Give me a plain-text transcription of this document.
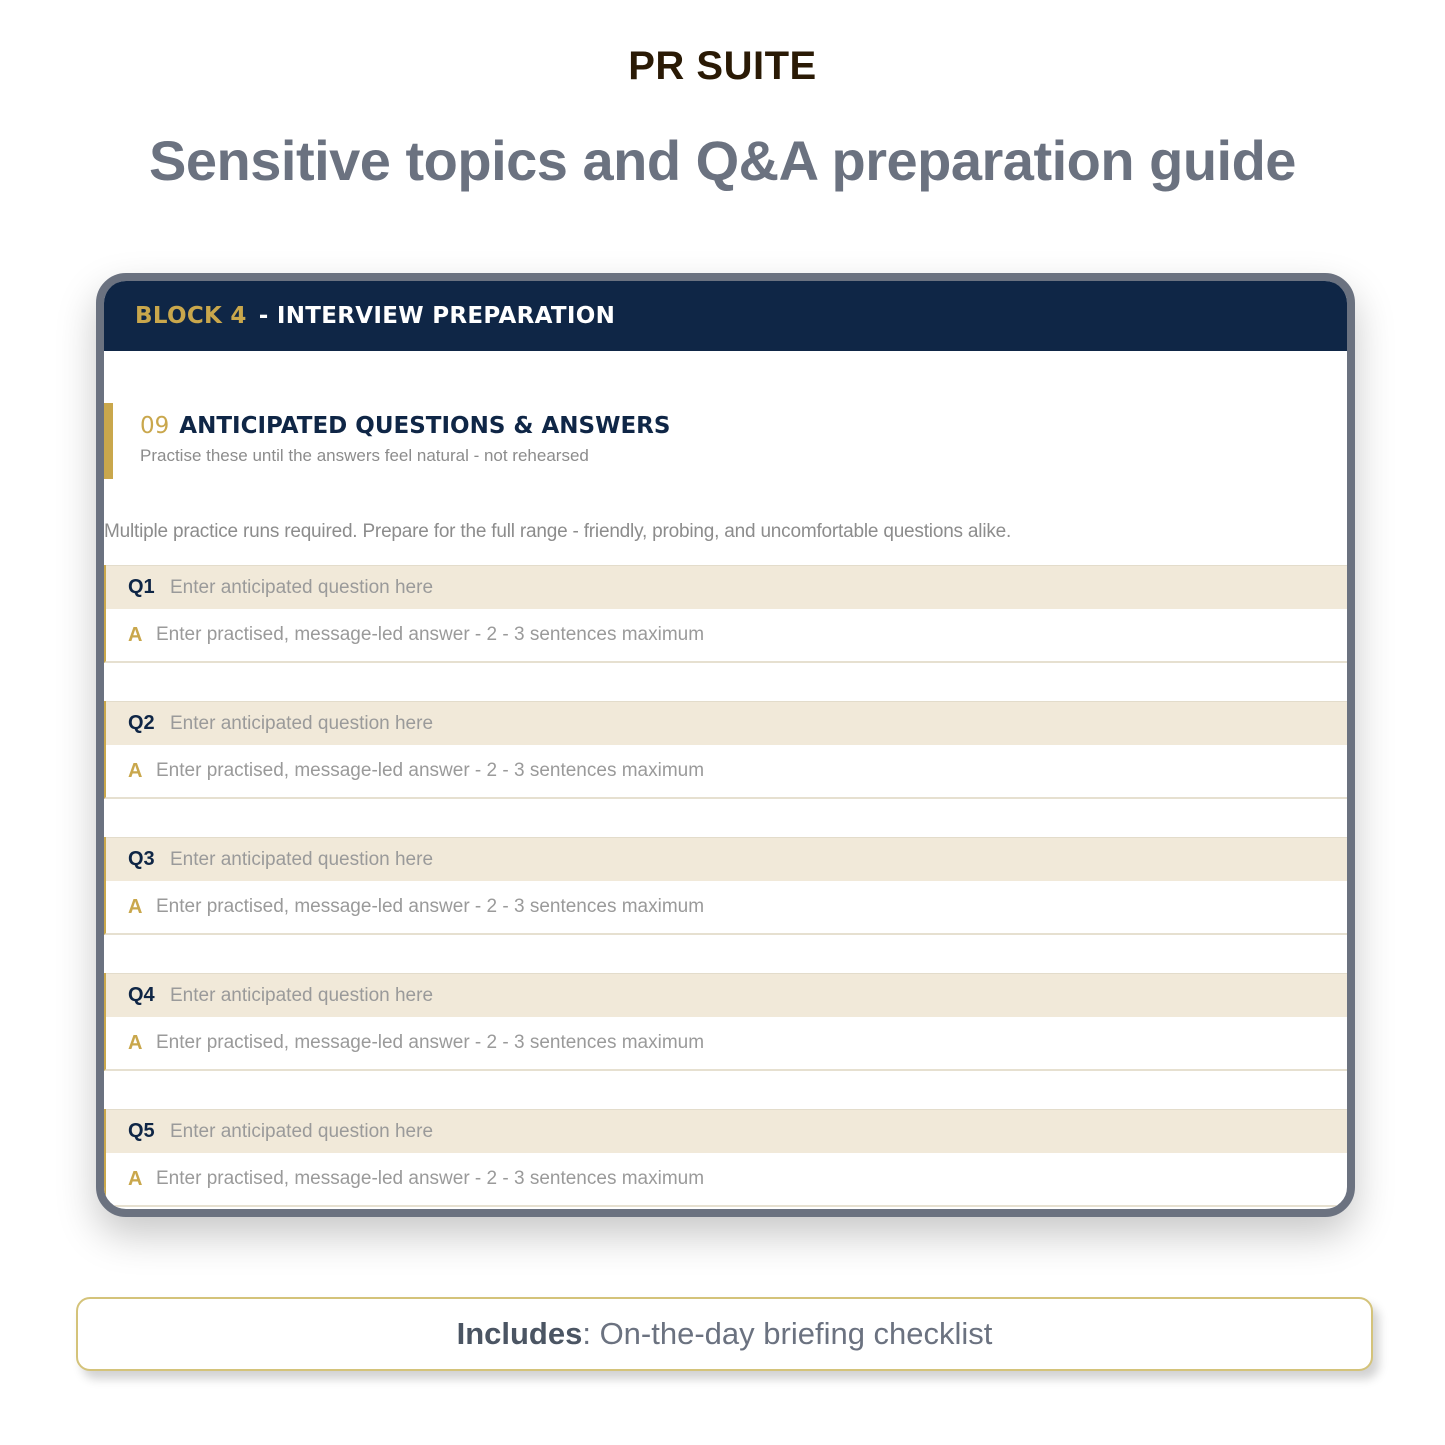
PR SUITE
Sensitive topics and Q&A preparation guide
BLOCK 4 - INTERVIEW PREPARATION
09 ANTICIPATED QUESTIONS & ANSWERS
Practise these until the answers feel natural - not rehearsed
Multiple practice runs required. Prepare for the full range - friendly, probing, and uncomfortable questions alike.
Q1
Enter anticipated question here
A
Enter practised, message-led answer - 2 - 3 sentences maximum
Q2
Enter anticipated question here
A
Enter practised, message-led answer - 2 - 3 sentences maximum
Q3
Enter anticipated question here
A
Enter practised, message-led answer - 2 - 3 sentences maximum
Q4
Enter anticipated question here
A
Enter practised, message-led answer - 2 - 3 sentences maximum
Q5
Enter anticipated question here
A
Enter practised, message-led answer - 2 - 3 sentences maximum
Includes : On-the-day briefing checklist
